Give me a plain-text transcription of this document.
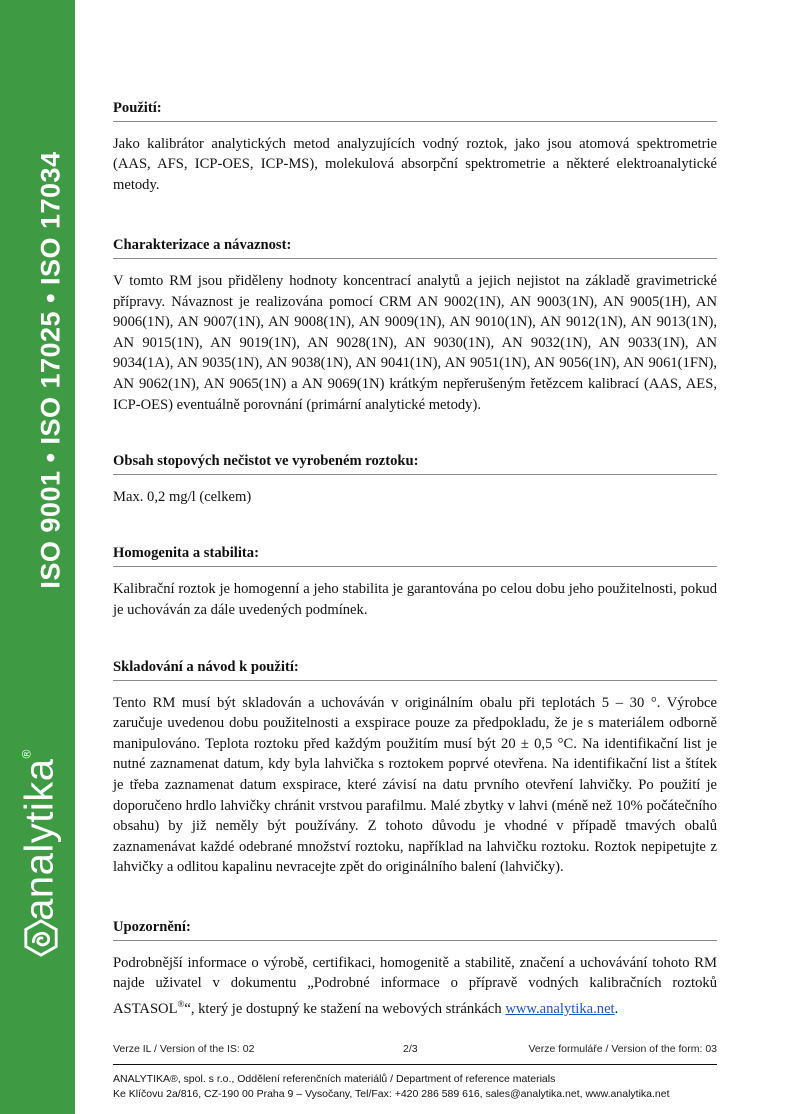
ISO 9001 • ISO 17025 • ISO 17034
analytika®
Použití:

Jako kalibrátor analytických metod analyzujících vodný roztok, jako jsou atomová spektrometrie (AAS, AFS, ICP-OES, ICP-MS), molekulová absorpční spektrometrie a některé elektroanalytické metody.

Charakterizace a návaznost:

V tomto RM jsou přiděleny hodnoty koncentrací analytů a jejich nejistot na základě gravimetrické přípravy. Návaznost je realizována pomocí CRM AN 9002(1N), AN 9003(1N), AN 9005(1H), AN 9006(1N), AN 9007(1N), AN 9008(1N), AN 9009(1N), AN 9010(1N), AN 9012(1N), AN 9013(1N), AN 9015(1N), AN 9019(1N), AN 9028(1N), AN 9030(1N), AN 9032(1N), AN 9033(1N), AN 9034(1A), AN 9035(1N), AN 9038(1N), AN 9041(1N), AN 9051(1N), AN 9056(1N), AN 9061(1FN), AN 9062(1N), AN 9065(1N) a AN 9069(1N) krátkým nepřerušeným řetězcem kalibrací (AAS, AES, ICP-OES) eventuálně porovnání (primární analytické metody).

Obsah stopových nečistot ve vyrobeném roztoku:

Max. 0,2 mg/l (celkem)

Homogenita a stabilita:

Kalibrační roztok je homogenní a jeho stabilita je garantována po celou dobu jeho použitelnosti, pokud je uchováván za dále uvedených podmínek.

Skladování a návod k použití:

Tento RM musí být skladován a uchováván v originálním obalu při teplotách 5 – 30 °. Výrobce zaručuje uvedenou dobu použitelnosti a exspirace pouze za předpokladu, že je s materiálem odborně manipulováno. Teplota roztoku před každým použitím musí být 20 ± 0,5 °C. Na identifikační list je nutné zaznamenat datum, kdy byla lahvička s roztokem poprvé otevřena. Na identifikační list a štítek je třeba zaznamenat datum exspirace, které závisí na datu prvního otevření lahvičky. Po použití je doporučeno hrdlo lahvičky chránit vrstvou parafilmu. Malé zbytky v lahvi (méně než 10% počátečního obsahu) by již neměly být používány. Z tohoto důvodu je vhodné v případě tmavých obalů zaznamenávat každé odebrané množství roztoku, například na lahvičku roztoku. Roztok nepipetujte z lahvičky a odlitou kapalinu nevracejte zpět do originálního balení (lahvičky).

Upozornění:

Podrobnější informace o výrobě, certifikaci, homogenitě a stabilitě, značení a uchovávání tohoto RM najde uživatel v dokumentu „Podrobné informace o přípravě vodných kalibračních roztoků ASTASOL®“, který je dostupný ke stažení na webových stránkách www.analytika.net.

Verze IL / Version of the IS: 02	2/3	Verze formuláře / Version of the form: 03
ANALYTIKA®, spol. s r.o., Oddělení referenčních materiálů / Department of reference materials
Ke Klíčovu 2a/816, CZ-190 00 Praha 9 – Vysočany, Tel/Fax: +420 286 589 616, sales@analytika.net, www.analytika.net
